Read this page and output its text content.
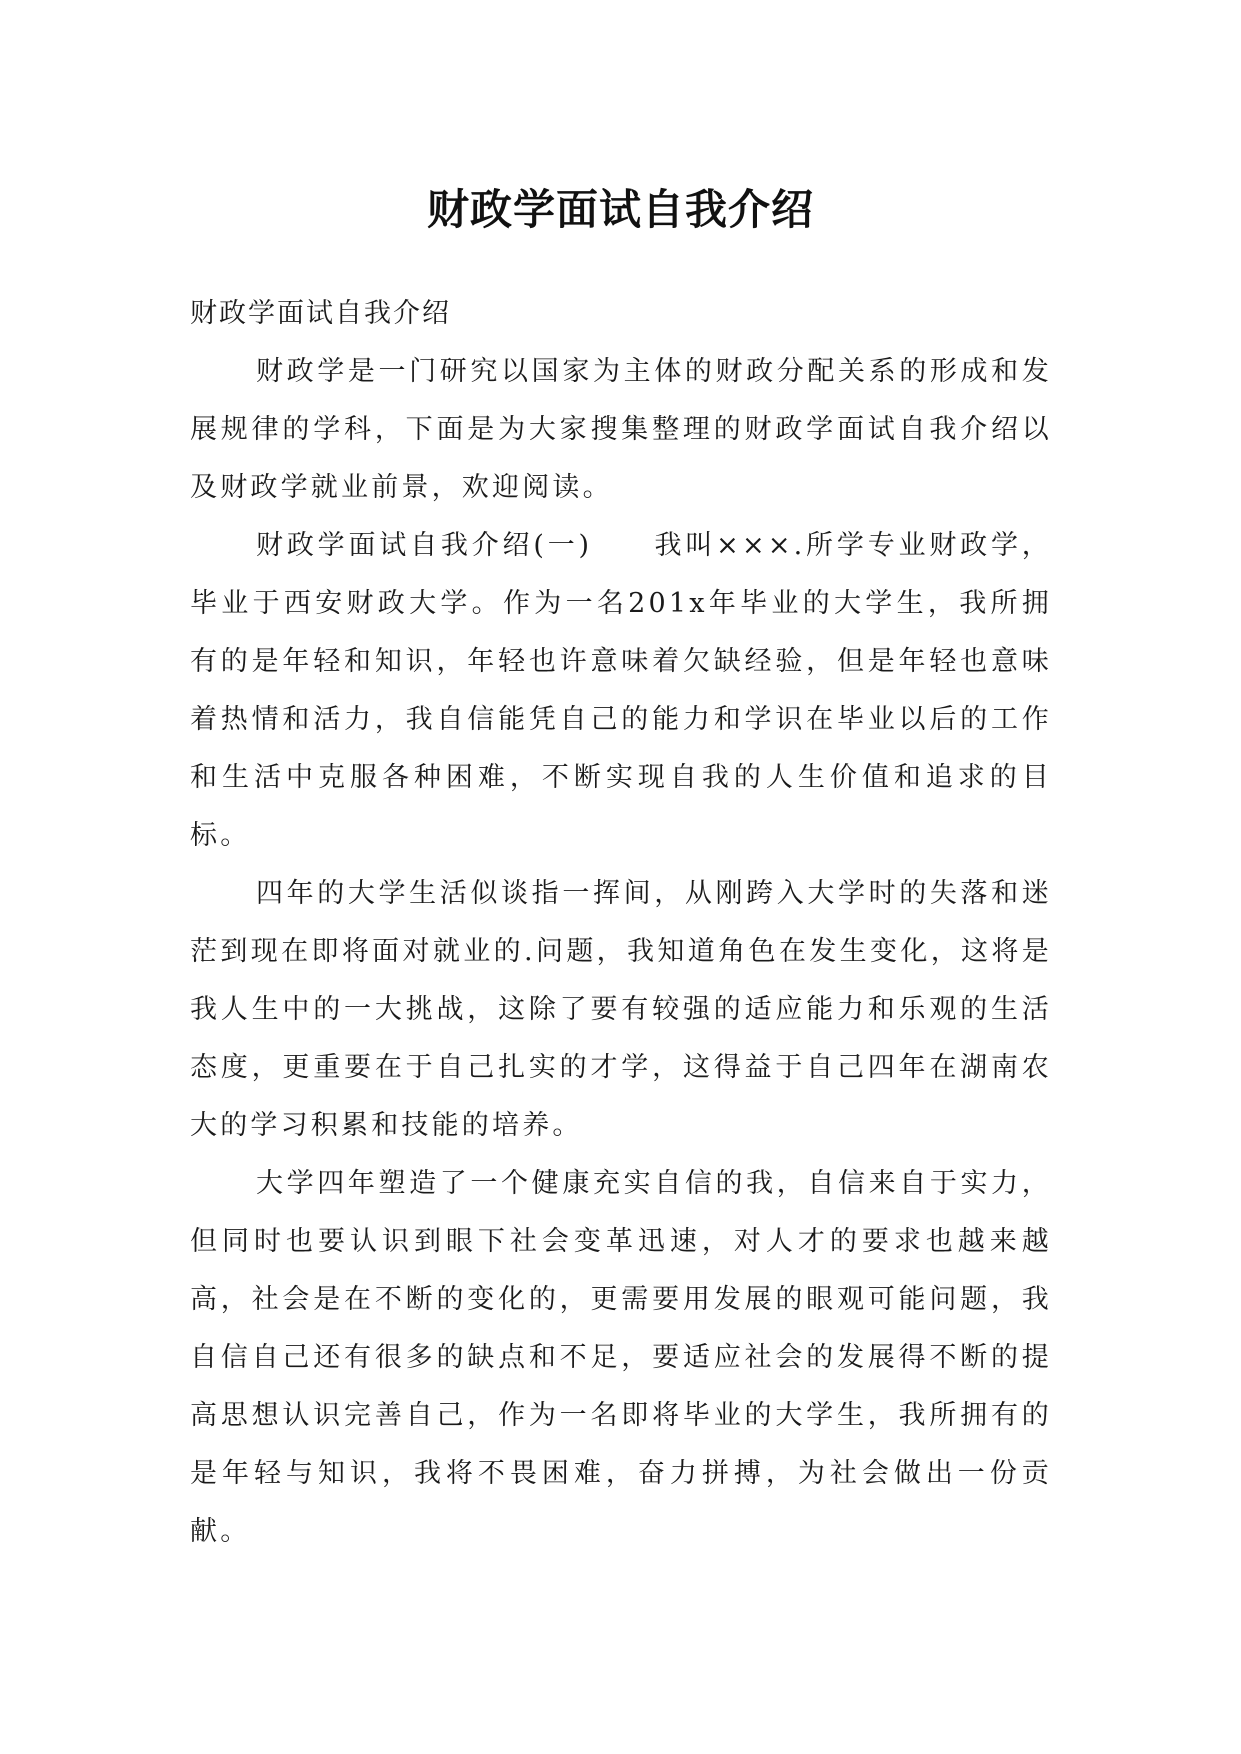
财政学面试自我介绍

财政学面试自我介绍

财政学是一门研究以国家为主体的财政分配关系的形成和发展规律的学科，下面是为大家搜集整理的财政学面试自我介绍以及财政学就业前景，欢迎阅读。

财政学面试自我介绍(一)　　我叫×××.所学专业财政学，毕业于西安财政大学。作为一名201x年毕业的大学生，我所拥有的是年轻和知识，年轻也许意味着欠缺经验，但是年轻也意味着热情和活力，我自信能凭自己的能力和学识在毕业以后的工作和生活中克服各种困难，不断实现自我的人生价值和追求的目标。

四年的大学生活似谈指一挥间，从刚跨入大学时的失落和迷茫到现在即将面对就业的.问题，我知道角色在发生变化，这将是我人生中的一大挑战，这除了要有较强的适应能力和乐观的生活态度，更重要在于自己扎实的才学，这得益于自己四年在湖南农大的学习积累和技能的培养。

大学四年塑造了一个健康充实自信的我，自信来自于实力，但同时也要认识到眼下社会变革迅速，对人才的要求也越来越高，社会是在不断的变化的，更需要用发展的眼观可能问题，我自信自己还有很多的缺点和不足，要适应社会的发展得不断的提高思想认识完善自己，作为一名即将毕业的大学生，我所拥有的是年轻与知识，我将不畏困难，奋力拼搏，为社会做出一份贡献。
